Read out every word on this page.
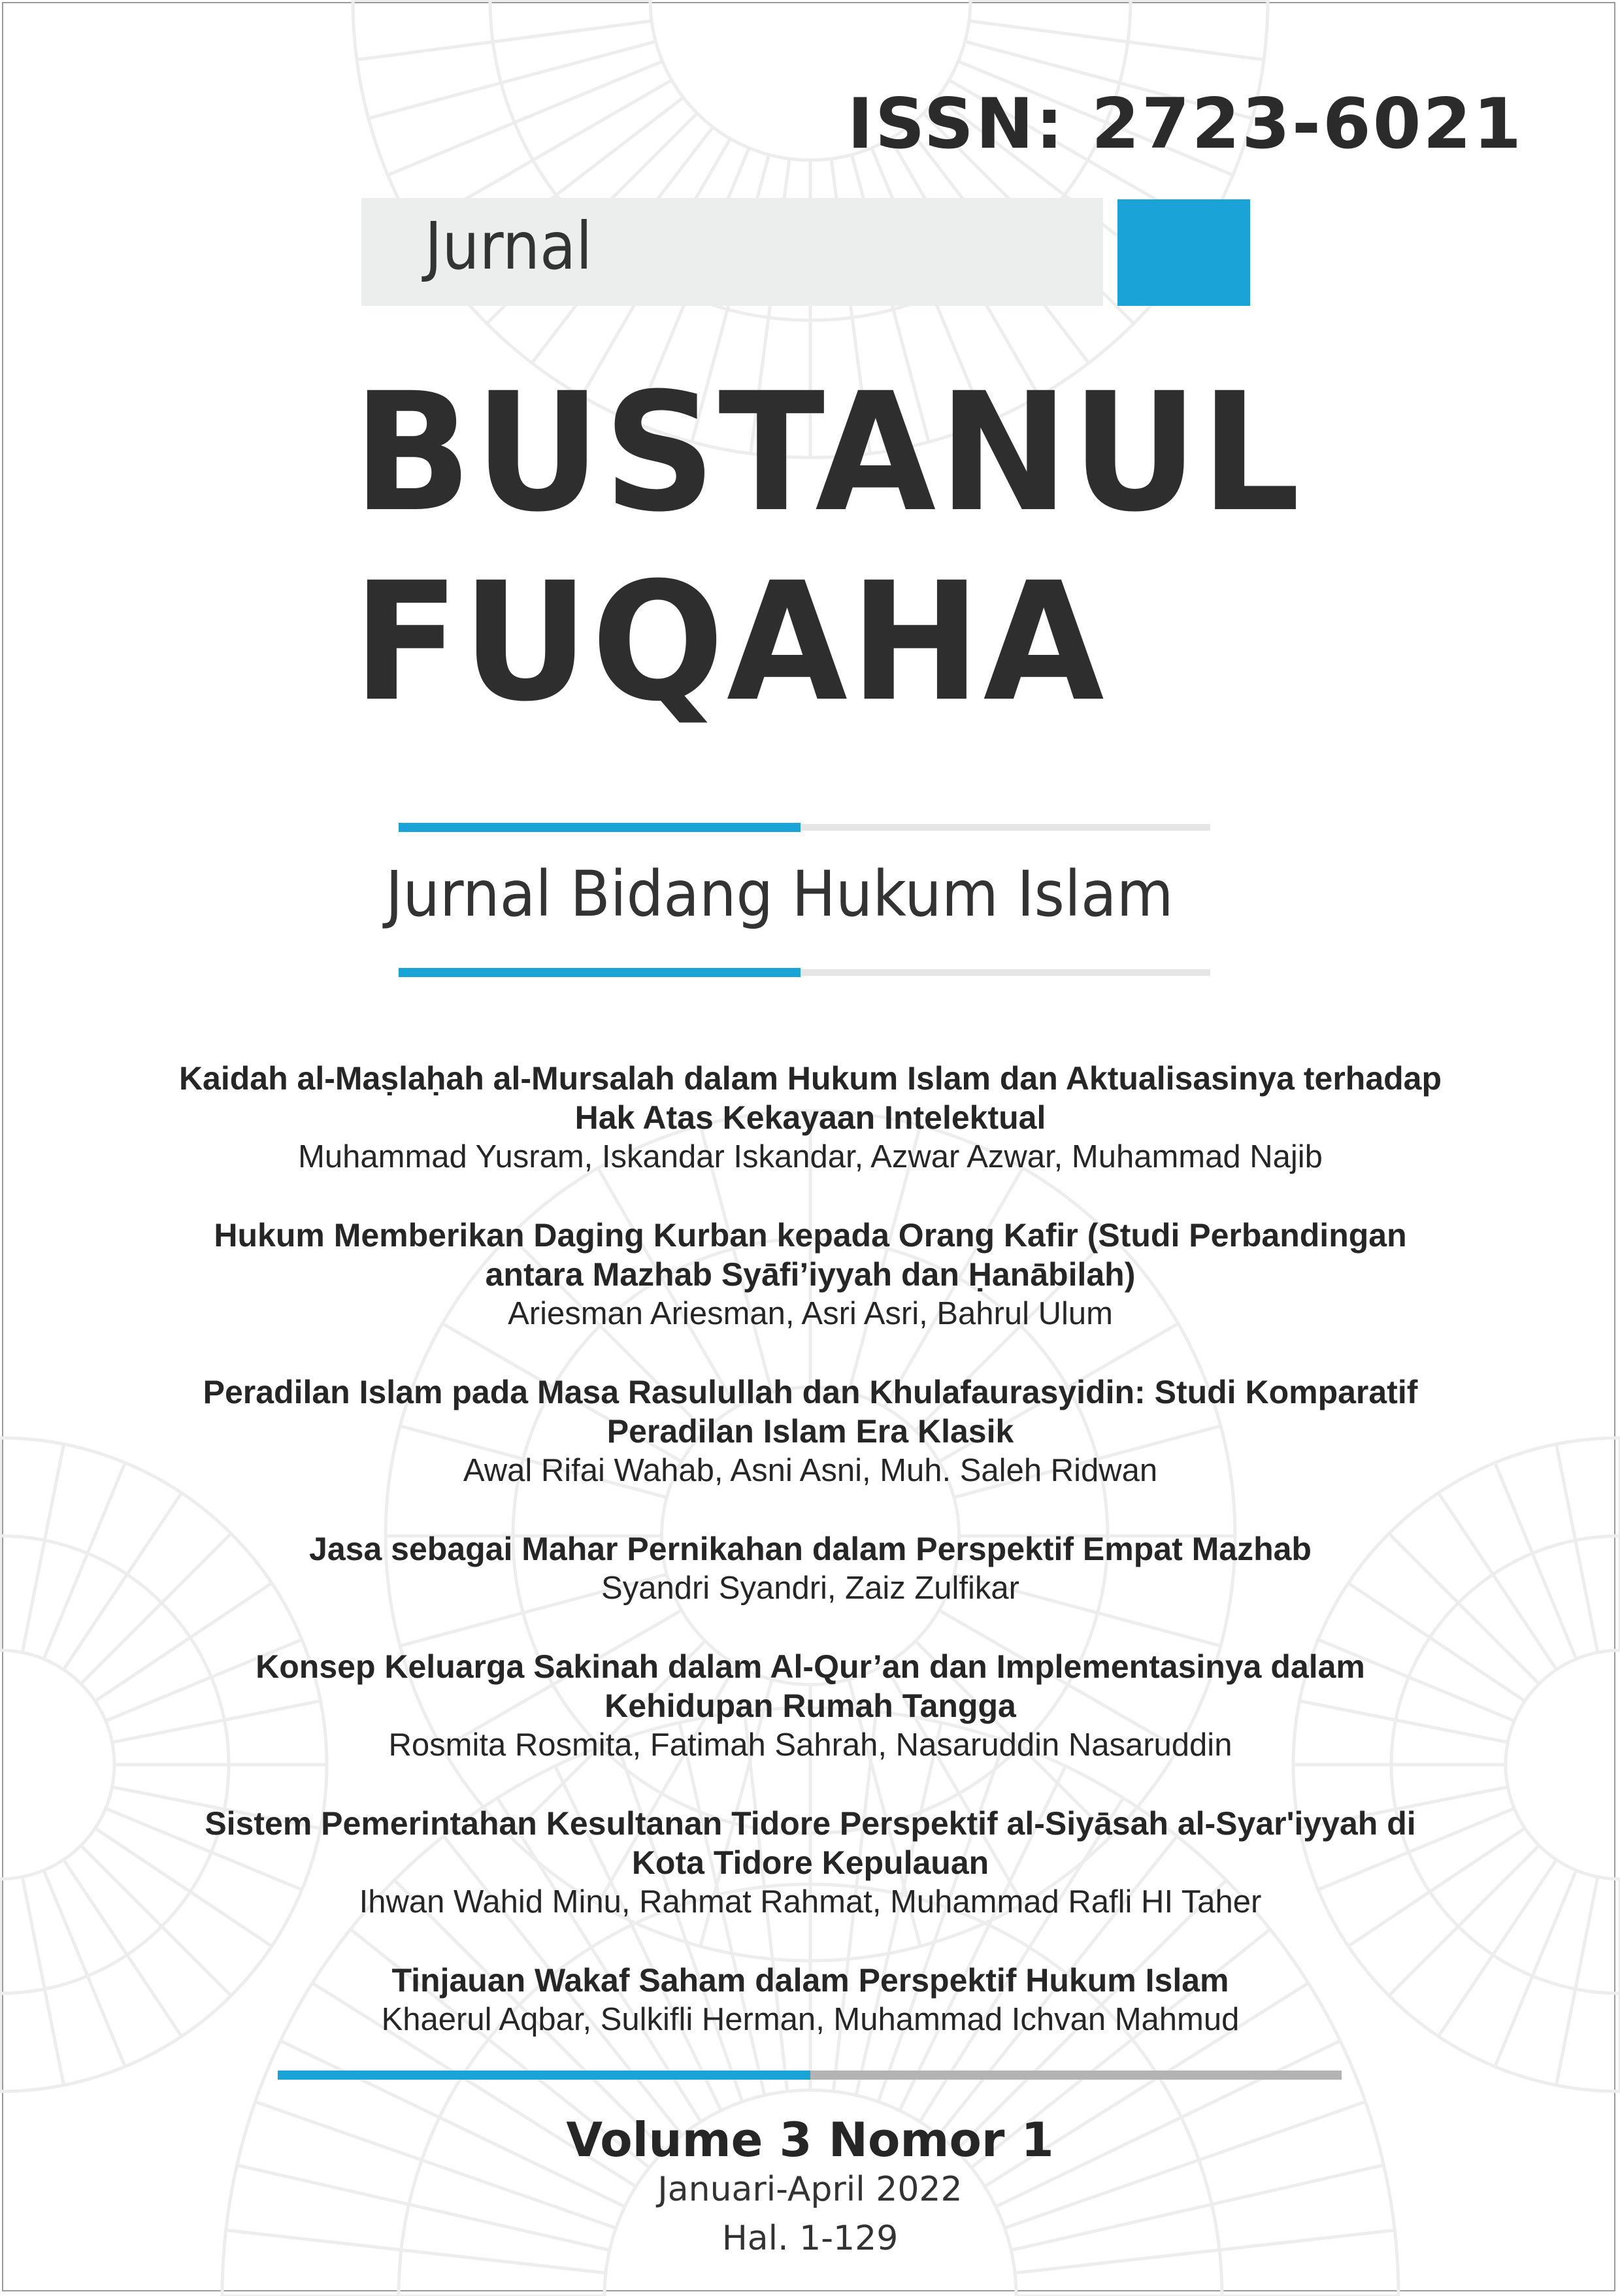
ISSN: 2723-6021
Jurnal
BUSTANUL
FUQAHA
Jurnal Bidang Hukum Islam
Kaidah al-Maṣlaḥah al-Mursalah dalam Hukum Islam dan Aktualisasinya terhadap
Hak Atas Kekayaan Intelektual
Muhammad Yusram, Iskandar Iskandar, Azwar Azwar, Muhammad Najib
Hukum Memberikan Daging Kurban kepada Orang Kafir (Studi Perbandingan
antara Mazhab Syāfi’iyyah dan Ḥanābilah)
Ariesman Ariesman, Asri Asri, Bahrul Ulum
Peradilan Islam pada Masa Rasulullah dan Khulafaurasyidin: Studi Komparatif
Peradilan Islam Era Klasik
Awal Rifai Wahab, Asni Asni, Muh. Saleh Ridwan
Jasa sebagai Mahar Pernikahan dalam Perspektif Empat Mazhab
Syandri Syandri, Zaiz Zulfikar
Konsep Keluarga Sakinah dalam Al-Qur’an dan Implementasinya dalam
Kehidupan Rumah Tangga
Rosmita Rosmita, Fatimah Sahrah, Nasaruddin Nasaruddin
Sistem Pemerintahan Kesultanan Tidore Perspektif al-Siyāsah al-Syar'iyyah di
Kota Tidore Kepulauan
Ihwan Wahid Minu, Rahmat Rahmat, Muhammad Rafli HI Taher
Tinjauan Wakaf Saham dalam Perspektif Hukum Islam
Khaerul Aqbar, Sulkifli Herman, Muhammad Ichvan Mahmud
Volume 3 Nomor 1
Januari-April 2022
Hal. 1-129
